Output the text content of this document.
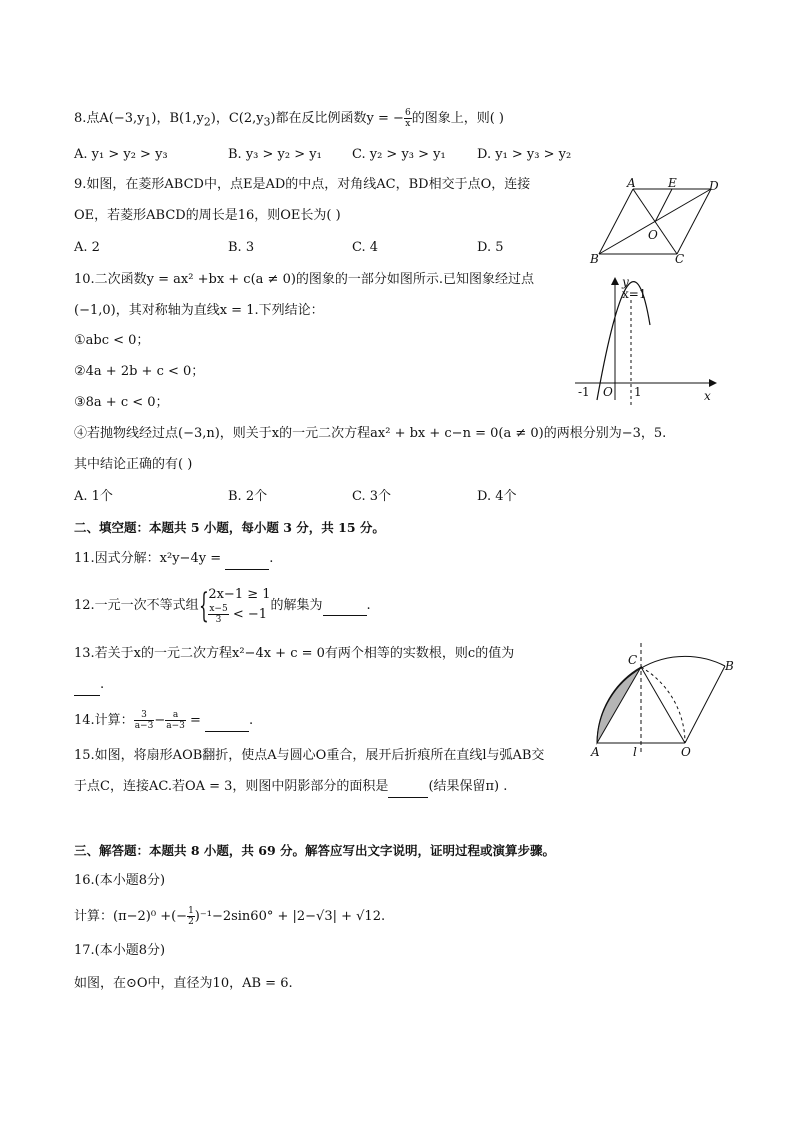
8.点$A(-3,y_1)$，$B(1,y_2)$，$C(2,y_3)$都在反比例函数y = − $\frac{6}{x}$ 的图象上，则( )
A. y₁ > y₂ > y₃	B. y₃ > y₂ > y₁ C. y₂ > y₃ > y₁ D. y₁ > y₃ > y₂
9.如图，在菱形ABCD中，点E是AD的中点，对角线AC，BD相交于点O，连接
OE，若菱形ABCD的周长是16，则OE长为( )
A. 2	B. 3	C. 4	D. 5
A	E	D
O
B	C
10.二次函数y = ax² +bx + c(a ≠ 0)的图象的一部分如图所示.已知图象经过点
(−1,0)，其对称轴为直线x = 1.下列结论：
①abc < 0；
②4a + 2b + c < 0；
③8a + c < 0；
④若抛物线经过点(−3,n)，则关于x的一元二次方程ax² + bx + c−n = 0(a ≠ 0)的两根分别为−3，5.
其中结论正确的有( )
A. 1个	B. 2个	C. 3个	D. 4个
y
x=1
-1 O 1	x
二、填空题：本题共 5 小题，每小题 3 分，共 15 分。
11.因式分解：x²y−4y =	.
12.一元一次不等式组 { 2x−1 ≥ 1
$\frac{x-5}{3} < -1$
的解集为
	.
13.若关于x的一元二次方程x²−4x + c = 0有两个相等的实数根，则c的值为
.
14.计算： $\frac{3}{a-3} - \frac{a}{a-3}$ =	.
15.如图，将扇形AOB翻折，使点A与圆心O重合，展开后折痕所在直线l与弧AB交
于点C，连接AC.若OA = 3，则图中阴影部分的面积是	(结果保留π) .
C	B
A	l	O
三、解答题：本题共 8 小题，共 69 分。解答应写出文字说明，证明过程或演算步骤。
16.(本小题8分)
计算：(π−2)⁰ +(− $\frac{1}{2} )^{-1}-2\sin 60^\circ + |2-√3| + √12$.
17.(本小题8分)
如图，在⊙O中，直径为10，AB = 6.
